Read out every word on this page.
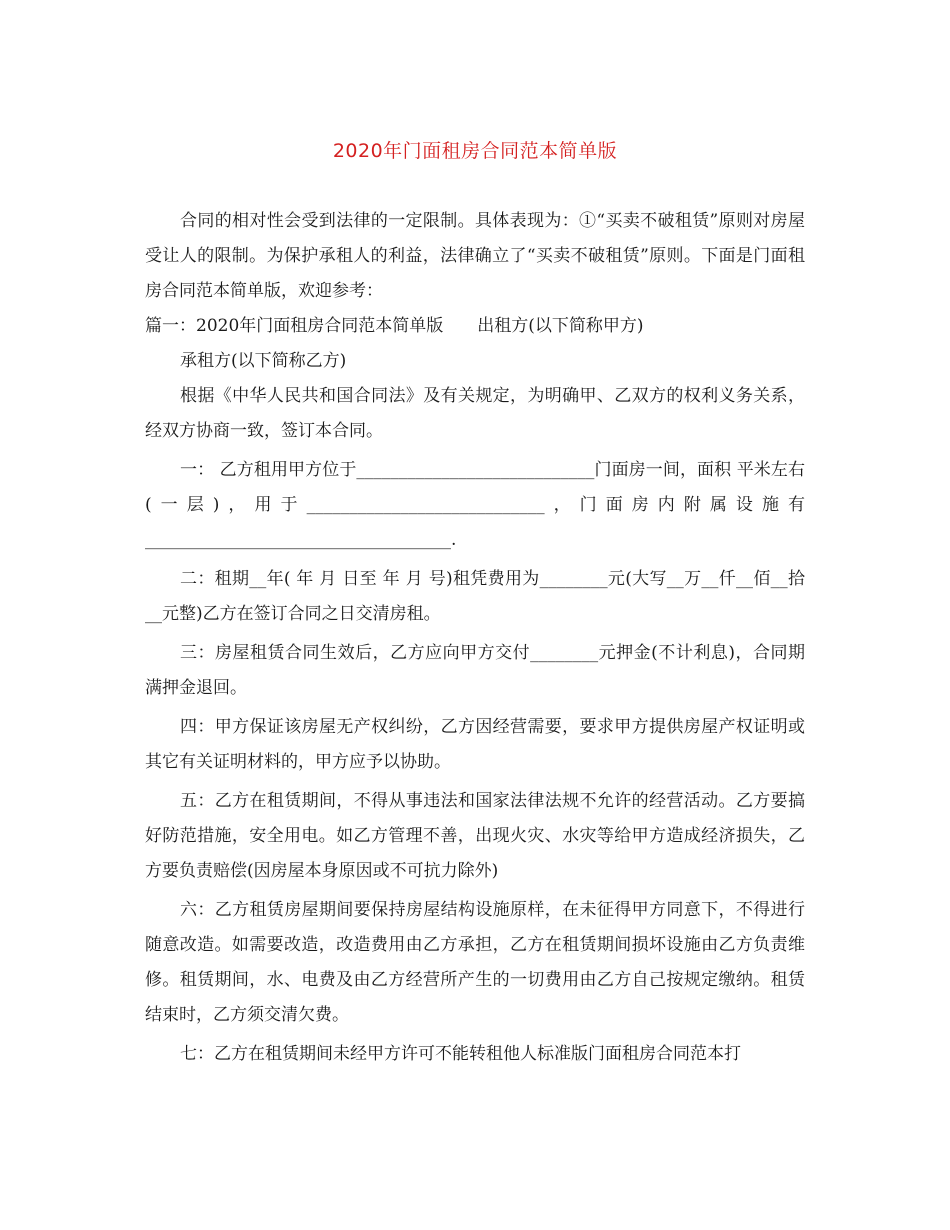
2020年门面租房合同范本简单版

合同的相对性会受到法律的一定限制。具体表现为：①“买卖不破租赁”原则对房屋受让人的限制。为保护承租人的利益，法律确立了“买卖不破租赁”原则。下面是门面租房合同范本简单版，欢迎参考：

篇一：2020年门面租房合同范本简单版　　出租方(以下简称甲方)

承租方(以下简称乙方)

根据《中华人民共和国合同法》及有关规定，为明确甲、乙双方的权利义务关系，经双方协商一致，签订本合同。

一： 乙方租用甲方位于____________________________门面房一间，面积 平米左右(一层)，用于____________________________，门面房内附属设施有____________________________________.

二：租期__年( 年 月 日至 年 月 号)租凭费用为________元(大写__万__仟__佰__拾__元整)乙方在签订合同之日交清房租。

三：房屋租赁合同生效后，乙方应向甲方交付________元押金(不计利息)，合同期满押金退回。

四：甲方保证该房屋无产权纠纷，乙方因经营需要，要求甲方提供房屋产权证明或其它有关证明材料的，甲方应予以协助。

五：乙方在租赁期间，不得从事违法和国家法律法规不允许的经营活动。乙方要搞好防范措施，安全用电。如乙方管理不善，出现火灾、水灾等给甲方造成经济损失，乙方要负责赔偿(因房屋本身原因或不可抗力除外)

六：乙方租赁房屋期间要保持房屋结构设施原样，在未征得甲方同意下，不得进行随意改造。如需要改造，改造费用由乙方承担，乙方在租赁期间损坏设施由乙方负责维修。租赁期间，水、电费及由乙方经营所产生的一切费用由乙方自己按规定缴纳。租赁结束时，乙方须交清欠费。

七：乙方在租赁期间未经甲方许可不能转租他人标准版门面租房合同范本打
